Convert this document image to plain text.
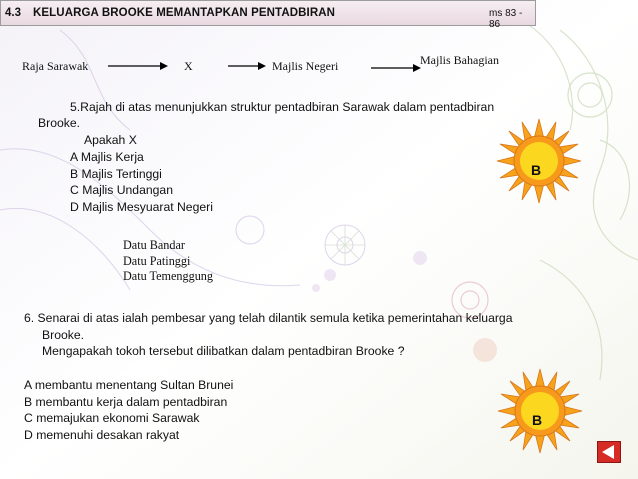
4.3 KELUARGA BROOKE MEMANTAPKAN PENTADBIRAN	ms 83 - 86
Raja Sarawak	X	Majlis Negeri	Majlis Bahagian
5.Rajah di atas menunjukkan struktur pentadbiran Sarawak dalam pentadbiran
Brooke.
Apakah X
A Majlis Kerja
B Majlis Tertinggi
C Majlis Undangan
D Majlis Mesyuarat Negeri
B
Datu Bandar
Datu Patinggi
Datu Temenggung
6. Senarai di atas ialah pembesar yang telah dilantik semula ketika pemerintahan keluarga
Brooke.
Mengapakah tokoh tersebut dilibatkan dalam pentadbiran Brooke ?
A membantu menentang Sultan Brunei
B membantu kerja dalam pentadbiran
C memajukan ekonomi Sarawak
D memenuhi desakan rakyat
B
